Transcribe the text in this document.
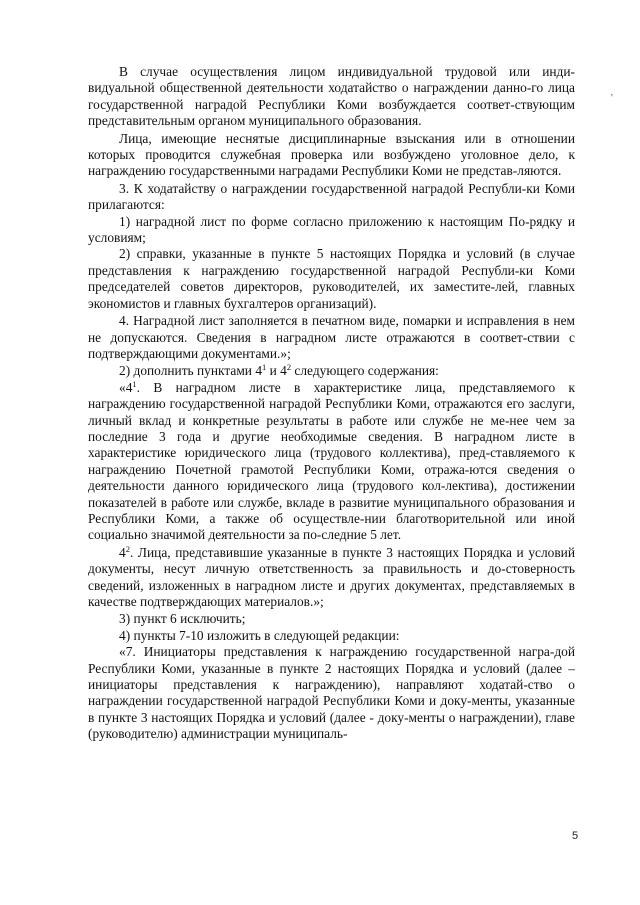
'

В случае осуществления лицом индивидуальной трудовой или инди-видуальной общественной деятельности ходатайство о награждении данно-го лица государственной наградой Республики Коми возбуждается соответ-ствующим представительным органом муниципального образования.

Лица, имеющие неснятые дисциплинарные взыскания или в отношении которых проводится служебная проверка или возбуждено уголовное дело, к награждению государственными наградами Республики Коми не представ-ляются.

3. К ходатайству о награждении государственной наградой Республи-ки Коми прилагаются:

1) наградной лист по форме согласно приложению к настоящим По-рядку и условиям;

2) справки, указанные в пункте 5 настоящих Порядка и условий (в случае представления к награждению государственной наградой Республи-ки Коми председателей советов директоров, руководителей, их заместите-лей, главных экономистов и главных бухгалтеров организаций).

4. Наградной лист заполняется в печатном виде, помарки и исправления в нем не допускаются. Сведения в наградном листе отражаются в соответ-ствии с подтверждающими документами.»;

2) дополнить пунктами $4^1$ и $4^2$ следующего содержания:

«$4^1$. В наградном листе в характеристике лица, представляемого к награждению государственной наградой Республики Коми, отражаются его заслуги, личный вклад и конкретные результаты в работе или службе не ме-нее чем за последние 3 года и другие необходимые сведения. В наградном листе в характеристике юридического лица (трудового коллектива), пред-ставляемого к награждению Почетной грамотой Республики Коми, отража-ются сведения о деятельности данного юридического лица (трудового кол-лектива), достижении показателей в работе или службе, вкладе в развитие муниципального образования и Республики Коми, а также об осуществле-нии благотворительной или иной социально значимой деятельности за по-следние 5 лет.

$4^2$. Лица, представившие указанные в пункте 3 настоящих Порядка и условий документы, несут личную ответственность за правильность и до-стоверность сведений, изложенных в наградном листе и других документах, представляемых в качестве подтверждающих материалов.»;

3) пункт 6 исключить;

4) пункты 7-10 изложить в следующей редакции:

«7. Инициаторы представления к награждению государственной награ-дой Республики Коми, указанные в пункте 2 настоящих Порядка и условий (далее – инициаторы представления к награждению), направляют ходатай-ство о награждении государственной наградой Республики Коми и доку-менты, указанные в пункте 3 настоящих Порядка и условий (далее - доку-менты о награждении), главе (руководителю) администрации муниципаль-

5
